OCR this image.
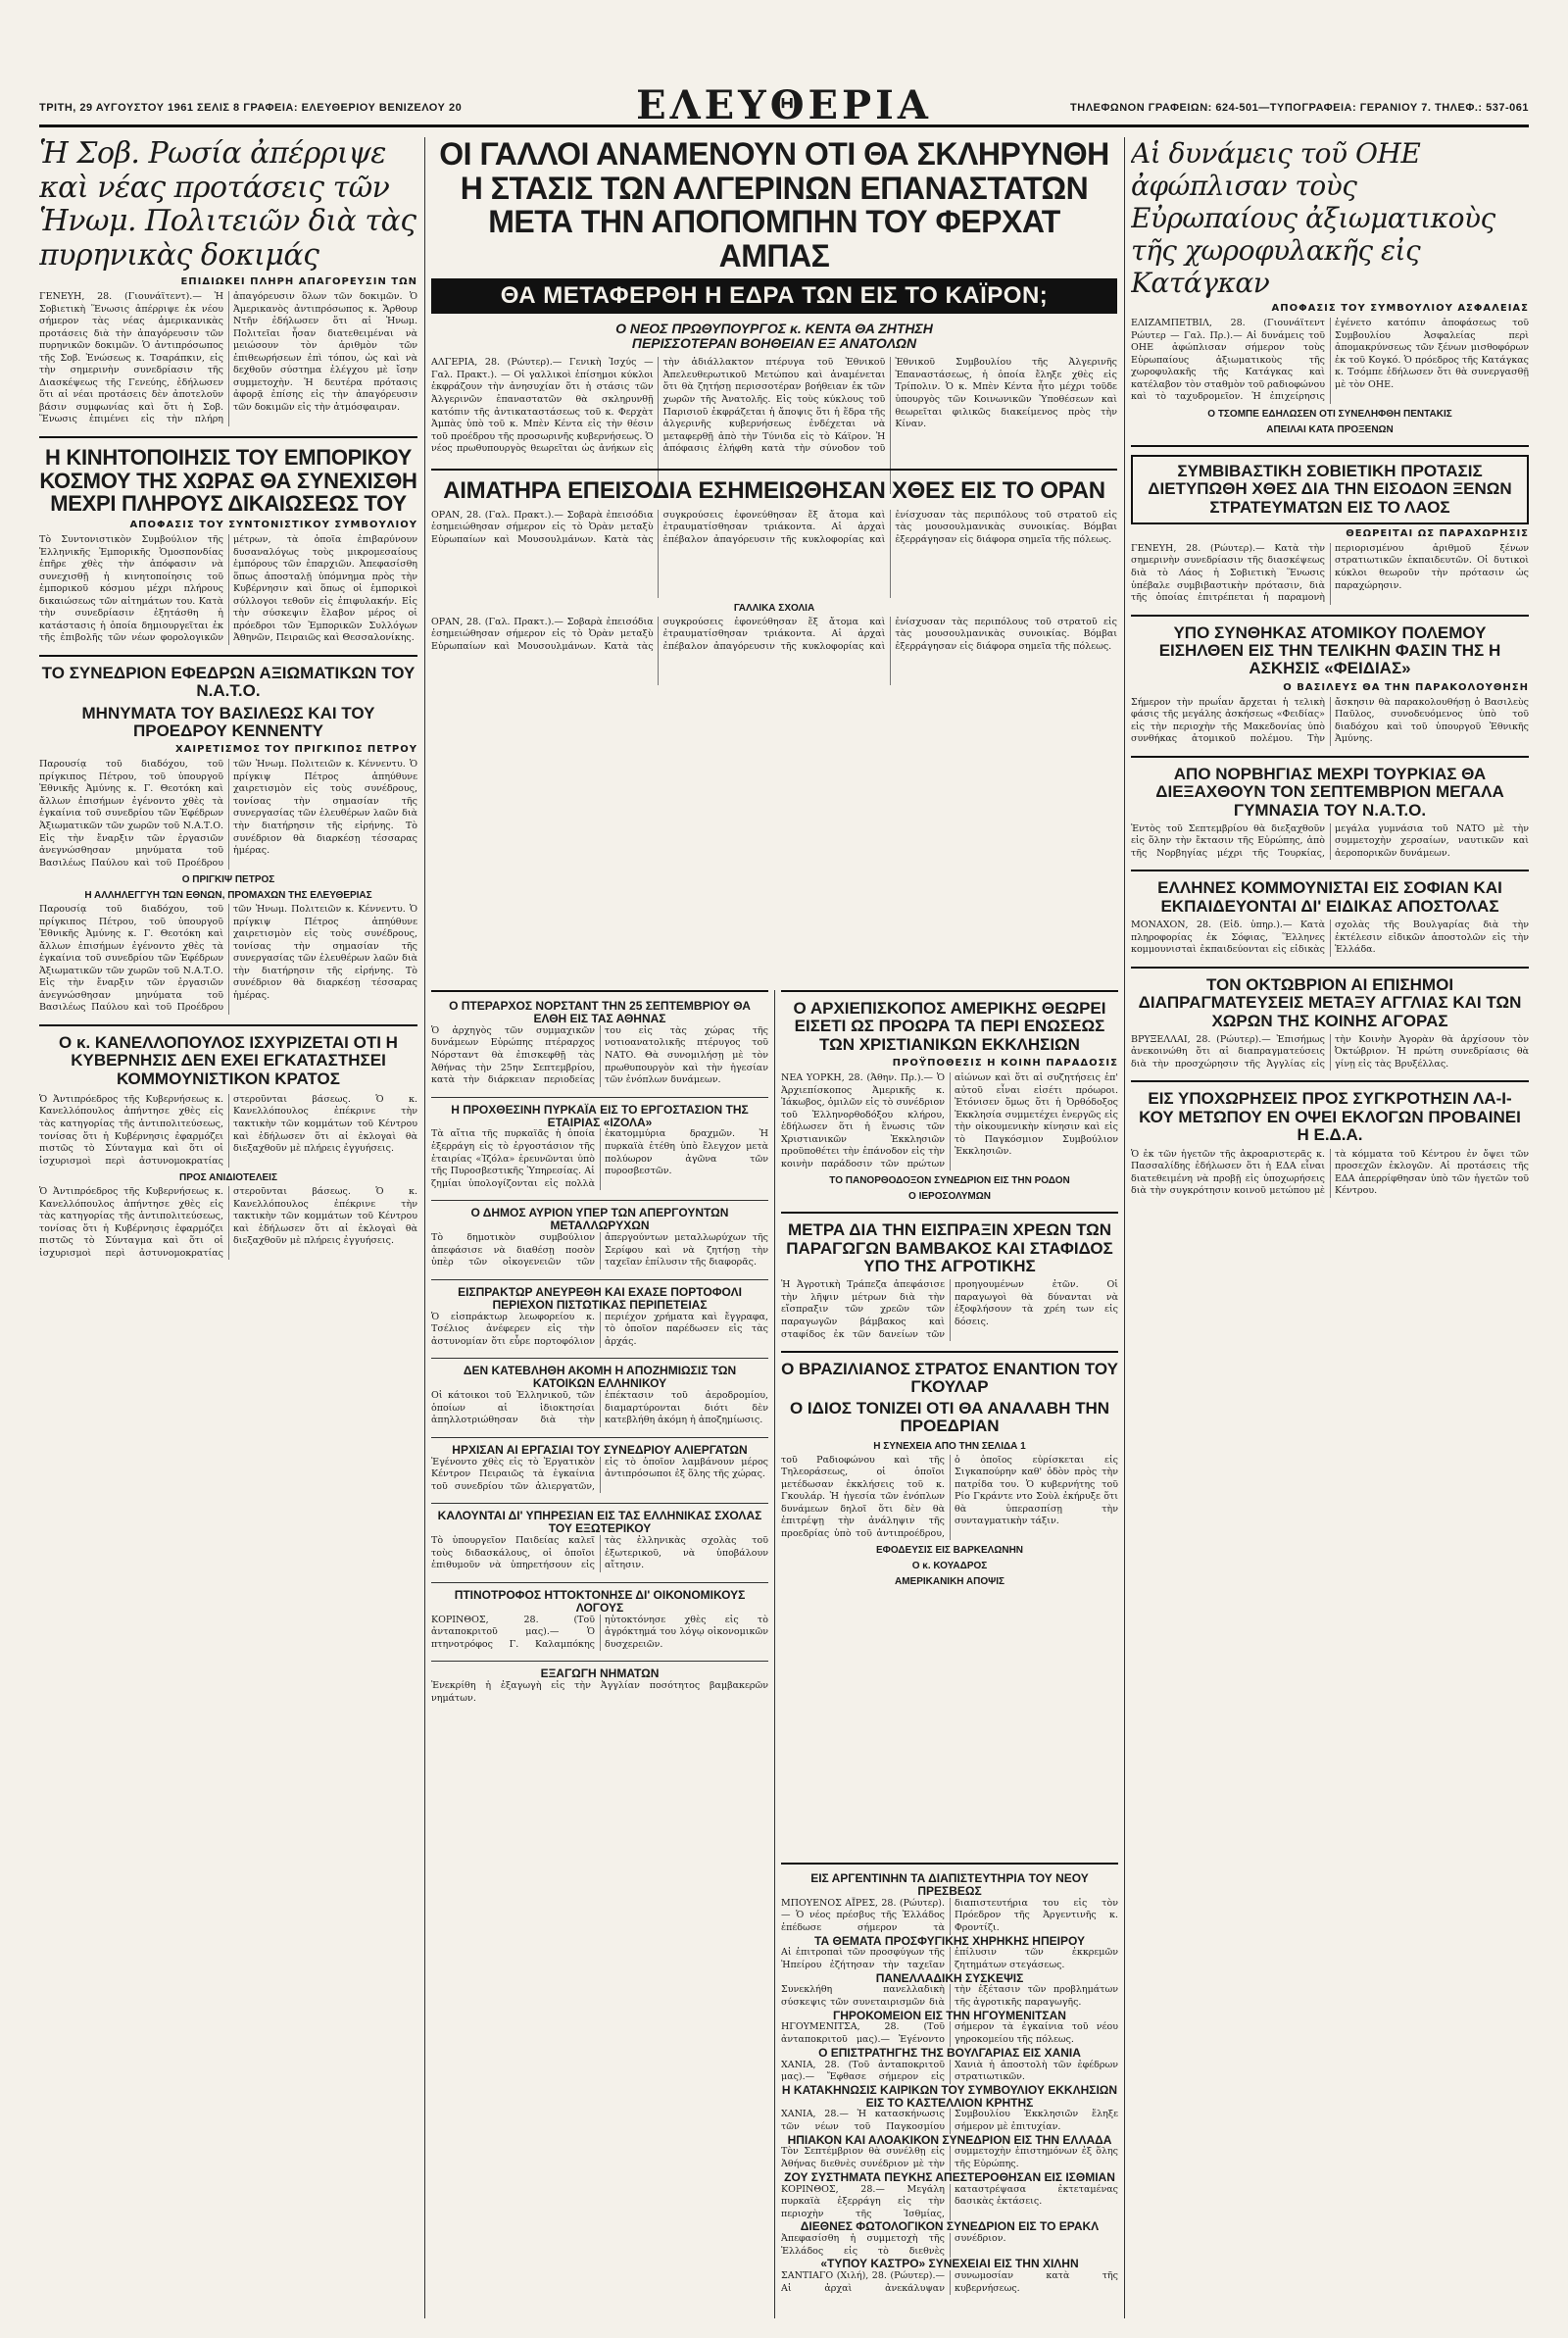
ΤΡΙΤΗ, 29 ΑΥΓΟΥΣΤΟΥ 1961 ΣΕΛΙΣ 8 ΓΡΑΦΕΙΑ: ΕΛΕΥΘΕΡΙΟΥ ΒΕΝΙΖΕΛΟΥ 20	ΕΛΕΥΘΕΡΙΑ	ΤΗΛΕΦΩΝΟΝ ΓΡΑΦΕΙΩΝ: 624-501—ΤΥΠΟΓΡΑΦΕΙΑ: ΓΕΡΑΝΙΟΥ 7. ΤΗΛΕΦ.: 537-061
Ἡ Σοβ. Ρωσία ἀπέρριψε καὶ νέας προτάσεις τῶν Ἡνωμ. Πολιτειῶν διὰ τὰς πυρηνικὰς δοκιμάς
ΕΠΙΔΙΩΚΕΙ ΠΛΗΡΗ ΑΠΑΓΟΡΕΥΣΙΝ ΤΩΝ
ΓΕΝΕΥΗ, 28. (Γιουνάϊτεντ).— Ἡ Σοβιετικὴ Ἕνωσις ἀπέρριψε ἐκ νέου σήμερον τὰς νέας ἀμερικανικὰς προτάσεις διὰ τὴν ἀπαγόρευσιν τῶν πυρηνικῶν δοκιμῶν. Ὁ ἀντιπρόσωπος τῆς Σοβ. Ἑνώσεως κ. Τσαράπκιν, εἰς τὴν σημερινὴν συνεδρίασιν τῆς Διασκέψεως τῆς Γενεύης, ἐδήλωσεν ὅτι αἱ νέαι προτάσεις δὲν ἀποτελοῦν βάσιν συμφωνίας καὶ ὅτι ἡ Σοβ. Ἕνωσις ἐπιμένει εἰς τὴν πλήρη ἀπαγόρευσιν ὅλων τῶν δοκιμῶν. Ὁ Ἀμερικανὸς ἀντιπρόσωπος κ. Ἄρθουρ Ντῆν ἐδήλωσεν ὅτι αἱ Ἡνωμ. Πολιτεῖαι ἦσαν διατεθειμέναι νὰ μειώσουν τὸν ἀριθμὸν τῶν ἐπιθεωρήσεων ἐπὶ τόπου, ὡς καὶ νὰ δεχθοῦν σύστημα ἐλέγχου μὲ ἴσην συμμετοχὴν. Ἡ δευτέρα πρότασις ἀφορᾷ ἐπίσης εἰς τὴν ἀπαγόρευσιν τῶν δοκιμῶν εἰς τὴν ἀτμόσφαιραν.
Η ΚΙΝΗΤΟΠΟΙΗΣΙΣ ΤΟΥ ΕΜΠΟΡΙΚΟΥ ΚΟΣΜΟΥ ΤΗΣ ΧΩΡΑΣ ΘΑ ΣΥΝΕΧΙΣΘΗ ΜΕΧΡΙ ΠΛΗΡΟΥΣ ΔΙΚΑΙΩΣΕΩΣ ΤΟΥ
ΑΠΟΦΑΣΙΣ ΤΟΥ ΣΥΝΤΟΝΙΣΤΙΚΟΥ ΣΥΜΒΟΥΛΙΟΥ
Τὸ Συντονιστικὸν Συμβούλιον τῆς Ἑλληνικῆς Ἐμπορικῆς Ὁμοσπονδίας ἐπῆρε χθὲς τὴν ἀπόφασιν νὰ συνεχισθῇ ἡ κινητοποίησις τοῦ ἐμπορικοῦ κόσμου μέχρι πλήρους δικαιώσεως τῶν αἰτημάτων του. Κατὰ τὴν συνεδρίασιν ἐξητάσθη ἡ κατάστασις ἡ ὁποία δημιουργεῖται ἐκ τῆς ἐπιβολῆς τῶν νέων φορολογικῶν μέτρων, τὰ ὁποῖα ἐπιβαρύνουν δυσαναλόγως τοὺς μικρομεσαίους ἐμπόρους τῶν ἐπαρχιῶν. Ἀπεφασίσθη ὅπως ἀποσταλῇ ὑπόμνημα πρὸς τὴν Κυβέρνησιν καὶ ὅπως οἱ ἐμπορικοὶ σύλλογοι τεθοῦν εἰς ἐπιφυλακήν. Εἰς τὴν σύσκεψιν ἔλαβον μέρος οἱ πρόεδροι τῶν Ἐμπορικῶν Συλλόγων Ἀθηνῶν, Πειραιῶς καὶ Θεσσαλονίκης.
ΤΟ ΣΥΝΕΔΡΙΟΝ ΕΦΕΔΡΩΝ ΑΞΙΩΜΑΤΙΚΩΝ ΤΟΥ Ν.Α.Τ.Ο.
ΜΗΝΥΜΑΤΑ ΤΟΥ ΒΑΣΙΛΕΩΣ ΚΑΙ ΤΟΥ ΠΡΟΕΔΡΟΥ ΚΕΝΝΕΝΤΥ
ΧΑΙΡΕΤΙΣΜΟΣ ΤΟΥ ΠΡΙΓΚΙΠΟΣ ΠΕΤΡΟΥ
Παρουσίᾳ τοῦ διαδόχου, τοῦ πρίγκιπος Πέτρου, τοῦ ὑπουργοῦ Ἐθνικῆς Ἀμύνης κ. Γ. Θεοτόκη καὶ ἄλλων ἐπισήμων ἐγένοντο χθὲς τὰ ἐγκαίνια τοῦ συνεδρίου τῶν Ἐφέδρων Ἀξιωματικῶν τῶν χωρῶν τοῦ Ν.Α.Τ.Ο. Εἰς τὴν ἔναρξιν τῶν ἐργασιῶν ἀνεγνώσθησαν μηνύματα τοῦ Βασιλέως Παύλου καὶ τοῦ Προέδρου τῶν Ἡνωμ. Πολιτειῶν κ. Κέννεντυ. Ὁ πρίγκιψ Πέτρος ἀπηύθυνε χαιρετισμὸν εἰς τοὺς συνέδρους, τονίσας τὴν σημασίαν τῆς συνεργασίας τῶν ἐλευθέρων λαῶν διὰ τὴν διατήρησιν τῆς εἰρήνης. Τὸ συνέδριον θὰ διαρκέσῃ τέσσαρας ἡμέρας.
Ο ΠΡΙΓΚΙΨ ΠΕΤΡΟΣ
Η ΑΛΛΗΛΕΓΓΥΗ ΤΩΝ ΕΘΝΩΝ, ΠΡΟΜΑΧΩΝ ΤΗΣ ΕΛΕΥΘΕΡΙΑΣ
Παρουσίᾳ τοῦ διαδόχου, τοῦ πρίγκιπος Πέτρου, τοῦ ὑπουργοῦ Ἐθνικῆς Ἀμύνης κ. Γ. Θεοτόκη καὶ ἄλλων ἐπισήμων ἐγένοντο χθὲς τὰ ἐγκαίνια τοῦ συνεδρίου τῶν Ἐφέδρων Ἀξιωματικῶν τῶν χωρῶν τοῦ Ν.Α.Τ.Ο. Εἰς τὴν ἔναρξιν τῶν ἐργασιῶν ἀνεγνώσθησαν μηνύματα τοῦ Βασιλέως Παύλου καὶ τοῦ Προέδρου τῶν Ἡνωμ. Πολιτειῶν κ. Κέννεντυ. Ὁ πρίγκιψ Πέτρος ἀπηύθυνε χαιρετισμὸν εἰς τοὺς συνέδρους, τονίσας τὴν σημασίαν τῆς συνεργασίας τῶν ἐλευθέρων λαῶν διὰ τὴν διατήρησιν τῆς εἰρήνης. Τὸ συνέδριον θὰ διαρκέσῃ τέσσαρας ἡμέρας.
Ο κ. ΚΑΝΕΛΛΟΠΟΥΛΟΣ ΙΣΧΥΡΙΖΕΤΑΙ ΟΤΙ Η ΚΥΒΕΡΝΗΣΙΣ ΔΕΝ ΕΧΕΙ ΕΓΚΑΤΑΣΤΗΣΕΙ ΚΟΜΜΟΥΝΙΣΤΙΚΟΝ ΚΡΑΤΟΣ
Ὁ Ἀντιπρόεδρος τῆς Κυβερνήσεως κ. Κανελλόπουλος ἀπήντησε χθὲς εἰς τὰς κατηγορίας τῆς ἀντιπολιτεύσεως, τονίσας ὅτι ἡ Κυβέρνησις ἐφαρμόζει πιστῶς τὸ Σύνταγμα καὶ ὅτι οἱ ἰσχυρισμοὶ περὶ ἀστυνομοκρατίας στεροῦνται βάσεως. Ὁ κ. Κανελλόπουλος ἐπέκρινε τὴν τακτικὴν τῶν κομμάτων τοῦ Κέντρου καὶ ἐδήλωσεν ὅτι αἱ ἐκλογαὶ θὰ διεξαχθοῦν μὲ πλήρεις ἐγγυήσεις.
ΠΡΟΣ ΑΝΙΔΙΟΤΕΛΕΙΣ
Ὁ Ἀντιπρόεδρος τῆς Κυβερνήσεως κ. Κανελλόπουλος ἀπήντησε χθὲς εἰς τὰς κατηγορίας τῆς ἀντιπολιτεύσεως, τονίσας ὅτι ἡ Κυβέρνησις ἐφαρμόζει πιστῶς τὸ Σύνταγμα καὶ ὅτι οἱ ἰσχυρισμοὶ περὶ ἀστυνομοκρατίας στεροῦνται βάσεως. Ὁ κ. Κανελλόπουλος ἐπέκρινε τὴν τακτικὴν τῶν κομμάτων τοῦ Κέντρου καὶ ἐδήλωσεν ὅτι αἱ ἐκλογαὶ θὰ διεξαχθοῦν μὲ πλήρεις ἐγγυήσεις.
ΟΙ ΓΑΛΛΟΙ ΑΝΑΜΕΝΟΥΝ ΟΤΙ ΘΑ ΣΚΛΗΡΥΝΘΗ
Η ΣΤΑΣΙΣ ΤΩΝ ΑΛΓΕΡΙΝΩΝ ΕΠΑΝΑΣΤΑΤΩΝ
ΜΕΤΑ ΤΗΝ ΑΠΟΠΟΜΠΗΝ ΤΟΥ ΦΕΡΧΑΤ ΑΜΠΑΣ
ΘΑ ΜΕΤΑΦΕΡΘΗ Η ΕΔΡΑ ΤΩΝ ΕΙΣ ΤΟ ΚΑΪΡΟΝ;
Ο ΝΕΟΣ ΠΡΩΘΥΠΟΥΡΓΟΣ κ. ΚΕΝΤΑ ΘΑ ΖΗΤΗΣΗ
ΠΕΡΙΣΣΟΤΕΡΑΝ ΒΟΗΘΕΙΑΝ ΕΞ ΑΝΑΤΟΛΩΝ
ΑΛΓΕΡΙΑ, 28. (Ρώυτερ).— Γενικὴ Ἰσχύς — Γαλ. Πρακτ.). — Οἱ γαλλικοὶ ἐπίσημοι κύκλοι ἐκφράζουν τὴν ἀνησυχίαν ὅτι ἡ στάσις τῶν Ἀλγερινῶν ἐπαναστατῶν θὰ σκληρυνθῇ κατόπιν τῆς ἀντικαταστάσεως τοῦ κ. Φερχὰτ Ἀμπὰς ὑπὸ τοῦ κ. Μπὲν Κέντα εἰς τὴν θέσιν τοῦ προέδρου τῆς προσωρινῆς κυβερνήσεως. Ὁ νέος πρωθυπουργὸς θεωρεῖται ὡς ἀνήκων εἰς τὴν ἀδιάλλακτον πτέρυγα τοῦ Ἐθνικοῦ Ἀπελευθερωτικοῦ Μετώπου καὶ ἀναμένεται ὅτι θὰ ζητήσῃ περισσοτέραν βοήθειαν ἐκ τῶν χωρῶν τῆς Ἀνατολῆς. Εἰς τοὺς κύκλους τοῦ Παρισιοῦ ἐκφράζεται ἡ ἄποψις ὅτι ἡ ἕδρα τῆς ἀλγερινῆς κυβερνήσεως ἐνδέχεται νὰ μεταφερθῇ ἀπὸ τὴν Τύνιδα εἰς τὸ Κάϊρον. Ἡ ἀπόφασις ἐλήφθη κατὰ τὴν σύνοδον τοῦ Ἐθνικοῦ Συμβουλίου τῆς Ἀλγερινῆς Ἐπαναστάσεως, ἡ ὁποία ἔληξε χθὲς εἰς Τρίπολιν. Ὁ κ. Μπὲν Κέντα ἦτο μέχρι τοῦδε ὑπουργὸς τῶν Κοινωνικῶν Ὑποθέσεων καὶ θεωρεῖται φιλικῶς διακείμενος πρὸς τὴν Κίναν.
ΑΙΜΑΤΗΡΑ ΕΠΕΙΣΟΔΙΑ ΕΣΗΜΕΙΩΘΗΣΑΝ ΧΘΕΣ ΕΙΣ ΤΟ ΟΡΑΝ
ΟΡΑΝ, 28. (Γαλ. Πρακτ.).— Σοβαρὰ ἐπεισόδια ἐσημειώθησαν σήμερον εἰς τὸ Ὀρὰν μεταξὺ Εὐρωπαίων καὶ Μουσουλμάνων. Κατὰ τὰς συγκρούσεις ἐφονεύθησαν ἕξ ἄτομα καὶ ἐτραυματίσθησαν τριάκοντα. Αἱ ἀρχαὶ ἐπέβαλον ἀπαγόρευσιν τῆς κυκλοφορίας καὶ ἐνίσχυσαν τὰς περιπόλους τοῦ στρατοῦ εἰς τὰς μουσουλμανικὰς συνοικίας. Βόμβαι ἐξερράγησαν εἰς διάφορα σημεῖα τῆς πόλεως.
ΓΑΛΛΙΚΑ ΣΧΟΛΙΑ
ΟΡΑΝ, 28. (Γαλ. Πρακτ.).— Σοβαρὰ ἐπεισόδια ἐσημειώθησαν σήμερον εἰς τὸ Ὀρὰν μεταξὺ Εὐρωπαίων καὶ Μουσουλμάνων. Κατὰ τὰς συγκρούσεις ἐφονεύθησαν ἕξ ἄτομα καὶ ἐτραυματίσθησαν τριάκοντα. Αἱ ἀρχαὶ ἐπέβαλον ἀπαγόρευσιν τῆς κυκλοφορίας καὶ ἐνίσχυσαν τὰς περιπόλους τοῦ στρατοῦ εἰς τὰς μουσουλμανικὰς συνοικίας. Βόμβαι ἐξερράγησαν εἰς διάφορα σημεῖα τῆς πόλεως.
Ο ΠΤΕΡΑΡΧΟΣ ΝΟΡΣΤΑΝΤ ΤΗΝ 25 ΣΕΠΤΕΜΒΡΙΟΥ ΘΑ ΕΛΘΗ ΕΙΣ ΤΑΣ ΑΘΗΝΑΣ
Ὁ ἀρχηγὸς τῶν συμμαχικῶν δυνάμεων Εὐρώπης πτέραρχος Νόρσταντ θὰ ἐπισκεφθῇ τὰς Ἀθήνας τὴν 25ην Σεπτεμβρίου, κατὰ τὴν διάρκειαν περιοδείας του εἰς τὰς χώρας τῆς νοτιοανατολικῆς πτέρυγος τοῦ ΝΑΤΟ. Θὰ συνομιλήσῃ μὲ τὸν πρωθυπουργὸν καὶ τὴν ἡγεσίαν τῶν ἐνόπλων δυνάμεων.
Η ΠΡΟΧΘΕΣΙΝΗ ΠΥΡΚΑΪΑ ΕΙΣ ΤΟ ΕΡΓΟΣΤΑΣΙΟΝ ΤΗΣ ΕΤΑΙΡΙΑΣ «ΙΖΟΛΑ»
Τὰ αἴτια τῆς πυρκαϊᾶς ἡ ὁποία ἐξερράγη εἰς τὸ ἐργοστάσιον τῆς ἑταιρίας «Ἰζόλα» ἐρευνῶνται ὑπὸ τῆς Πυροσβεστικῆς Ὑπηρεσίας. Αἱ ζημίαι ὑπολογίζονται εἰς πολλὰ ἑκατομμύρια δραχμῶν. Ἡ πυρκαϊὰ ἐτέθη ὑπὸ ἔλεγχον μετὰ πολύωρον ἀγῶνα τῶν πυροσβεστῶν.
Ο ΔΗΜΟΣ ΑΥΡΙΟΝ ΥΠΕΡ ΤΩΝ ΑΠΕΡΓΟΥΝΤΩΝ ΜΕΤΑΛΛΩΡΥΧΩΝ
Τὸ δημοτικὸν συμβούλιον ἀπεφάσισε νὰ διαθέσῃ ποσὸν ὑπὲρ τῶν οἰκογενειῶν τῶν ἀπεργούντων μεταλλωρύχων τῆς Σερίφου καὶ νὰ ζητήσῃ τὴν ταχεῖαν ἐπίλυσιν τῆς διαφορᾶς.
ΕΙΣΠΡΑΚΤΩΡ ΑΝΕΥΡΕΘΗ ΚΑΙ ΕΧΑΣΕ ΠΟΡΤΟΦΟΛΙ ΠΕΡΙΕΧΟΝ ΠΙΣΤΩΤΙΚΑΣ ΠΕΡΙΠΕΤΕΙΑΣ
Ὁ εἰσπράκτωρ λεωφορείου κ. Τσέλιος ἀνέφερεν εἰς τὴν ἀστυνομίαν ὅτι εὗρε πορτοφόλιον περιέχον χρήματα καὶ ἔγγραφα, τὸ ὁποῖον παρέδωσεν εἰς τὰς ἀρχάς.
ΔΕΝ ΚΑΤΕΒΛΗΘΗ ΑΚΟΜΗ Η ΑΠΟΖΗΜΙΩΣΙΣ ΤΩΝ ΚΑΤΟΙΚΩΝ ΕΛΛΗΝΙΚΟΥ
Οἱ κάτοικοι τοῦ Ἑλληνικοῦ, τῶν ὁποίων αἱ ἰδιοκτησίαι ἀπηλλοτριώθησαν διὰ τὴν ἐπέκτασιν τοῦ ἀεροδρομίου, διαμαρτύρονται διότι δὲν κατεβλήθη ἀκόμη ἡ ἀποζημίωσις.
ΗΡΧΙΣΑΝ ΑΙ ΕΡΓΑΣΙΑΙ ΤΟΥ ΣΥΝΕΔΡΙΟΥ ΑΛΙΕΡΓΑΤΩΝ
Ἐγένοντο χθὲς εἰς τὸ Ἐργατικὸν Κέντρον Πειραιῶς τὰ ἐγκαίνια τοῦ συνεδρίου τῶν ἁλιεργατῶν, εἰς τὸ ὁποῖον λαμβάνουν μέρος ἀντιπρόσωποι ἐξ ὅλης τῆς χώρας.
ΚΑΛΟΥΝΤΑΙ ΔΙ' ΥΠΗΡΕΣΙΑΝ ΕΙΣ ΤΑΣ ΕΛΛΗΝΙΚΑΣ ΣΧΟΛΑΣ ΤΟΥ ΕΞΩΤΕΡΙΚΟΥ
Τὸ ὑπουργεῖον Παιδείας καλεῖ τοὺς διδασκάλους, οἱ ὁποῖοι ἐπιθυμοῦν νὰ ὑπηρετήσουν εἰς τὰς ἑλληνικὰς σχολὰς τοῦ ἐξωτερικοῦ, νὰ ὑποβάλουν αἴτησιν.
ΠΤΙΝΟΤΡΟΦΟΣ ΗΤΤΟΚΤΟΝΗΣΕ ΔΙ' ΟΙΚΟΝΟΜΙΚΟΥΣ ΛΟΓΟΥΣ
ΚΟΡΙΝΘΟΣ, 28. (Τοῦ ἀνταποκριτοῦ μας).— Ὁ πτηνοτρόφος Γ. Καλαμπόκης ηὐτοκτόνησε χθὲς εἰς τὸ ἀγρόκτημά του λόγῳ οἰκονομικῶν δυσχερειῶν.
ΕΞΑΓΩΓΗ ΝΗΜΑΤΩΝ
Ἐνεκρίθη ἡ ἐξαγωγὴ εἰς τὴν Ἀγγλίαν ποσότητος βαμβακερῶν νημάτων.
Ο ΑΡΧΙΕΠΙΣΚΟΠΟΣ ΑΜΕΡΙΚΗΣ ΘΕΩΡΕΙ ΕΙΣΕΤΙ ΩΣ ΠΡΟΩΡΑ ΤΑ ΠΕΡΙ ΕΝΩΣΕΩΣ ΤΩΝ ΧΡΙΣΤΙΑΝΙΚΩΝ ΕΚΚΛΗΣΙΩΝ
ΠΡΟΫΠΟΘΕΣΙΣ Η ΚΟΙΝΗ ΠΑΡΑΔΟΣΙΣ
ΝΕΑ ΥΟΡΚΗ, 28. (Ἀθην. Πρ.).— Ὁ Ἀρχιεπίσκοπος Ἀμερικῆς κ. Ἰάκωβος, ὁμιλῶν εἰς τὸ συνέδριον τοῦ Ἑλληνορθοδόξου κλήρου, ἐδήλωσεν ὅτι ἡ ἕνωσις τῶν Χριστιανικῶν Ἐκκλησιῶν προϋποθέτει τὴν ἐπάνοδον εἰς τὴν κοινὴν παράδοσιν τῶν πρώτων αἰώνων καὶ ὅτι αἱ συζητήσεις ἐπ' αὐτοῦ εἶναι εἰσέτι πρόωροι. Ἐτόνισεν ὅμως ὅτι ἡ Ὀρθόδοξος Ἐκκλησία συμμετέχει ἐνεργῶς εἰς τὴν οἰκουμενικὴν κίνησιν καὶ εἰς τὸ Παγκόσμιον Συμβούλιον Ἐκκλησιῶν.
ΤΟ ΠΑΝΟΡΘΟΔΟΞΟΝ ΣΥΝΕΔΡΙΟΝ ΕΙΣ ΤΗΝ ΡΟΔΟΝ
Ο ΙΕΡΟΣΟΛΥΜΩΝ
ΜΕΤΡΑ ΔΙΑ ΤΗΝ ΕΙΣΠΡΑΞΙΝ ΧΡΕΩΝ ΤΩΝ ΠΑΡΑΓΩΓΩΝ ΒΑΜΒΑΚΟΣ ΚΑΙ ΣΤΑΦΙΔΟΣ ΥΠΟ ΤΗΣ ΑΓΡΟΤΙΚΗΣ
Ἡ Ἀγροτικὴ Τράπεζα ἀπεφάσισε τὴν λῆψιν μέτρων διὰ τὴν εἴσπραξιν τῶν χρεῶν τῶν παραγωγῶν βάμβακος καὶ σταφίδος ἐκ τῶν δανείων τῶν προηγουμένων ἐτῶν. Οἱ παραγωγοὶ θὰ δύνανται νὰ ἐξοφλήσουν τὰ χρέη των εἰς δόσεις.
Ο ΒΡΑΖΙΛΙΑΝΟΣ ΣΤΡΑΤΟΣ ΕΝΑΝΤΙΟΝ ΤΟΥ ΓΚΟΥΛΑΡ
Ο ΙΔΙΟΣ ΤΟΝΙΖΕΙ ΟΤΙ ΘΑ ΑΝΑΛΑΒΗ ΤΗΝ ΠΡΟΕΔΡΙΑΝ
Η ΣΥΝΕΧΕΙΑ ΑΠΟ ΤΗΝ ΣΕΛΙΔΑ 1
τοῦ Ραδιοφώνου καὶ τῆς Τηλεοράσεως, οἱ ὁποῖοι μετέδωσαν ἐκκλήσεις τοῦ κ. Γκουλάρ. Ἡ ἡγεσία τῶν ἐνόπλων δυνάμεων δηλοῖ ὅτι δὲν θὰ ἐπιτρέψῃ τὴν ἀνάληψιν τῆς προεδρίας ὑπὸ τοῦ ἀντιπροέδρου, ὁ ὁποῖος εὑρίσκεται εἰς Σιγκαπούρην καθ' ὁδὸν πρὸς τὴν πατρίδα του. Ὁ κυβερνήτης τοῦ Ρίο Γκράντε ντο Σοὺλ ἐκήρυξε ὅτι θὰ ὑπερασπίσῃ τὴν συνταγματικὴν τάξιν.
ΕΦΟΔΕΥΣΙΣ ΕΙΣ ΒΑΡΚΕΛΩΝΗΝ
Ο κ. ΚΟΥΑΔΡΟΣ
ΑΜΕΡΙΚΑΝΙΚΗ ΑΠΟΨΙΣ
Αἱ δυνάμεις τοῦ ΟΗΕ ἀφώπλισαν τοὺς Εὐρωπαίους ἀξιωματικοὺς τῆς χωροφυλακῆς εἰς Κατάγκαν
ΑΠΟΦΑΣΙΣ ΤΟΥ ΣΥΜΒΟΥΛΙΟΥ ΑΣΦΑΛΕΙΑΣ
ΕΛΙΖΑΜΠΕΤΒΙΛ, 28. (Γιουνάϊτεντ Ρώυτερ — Γαλ. Πρ.).— Αἱ δυνάμεις τοῦ ΟΗΕ ἀφώπλισαν σήμερον τοὺς Εὐρωπαίους ἀξιωματικοὺς τῆς χωροφυλακῆς τῆς Κατάγκας καὶ κατέλαβον τὸν σταθμὸν τοῦ ραδιοφώνου καὶ τὸ ταχυδρομεῖον. Ἡ ἐπιχείρησις ἐγένετο κατόπιν ἀποφάσεως τοῦ Συμβουλίου Ἀσφαλείας περὶ ἀπομακρύνσεως τῶν ξένων μισθοφόρων ἐκ τοῦ Κογκό. Ὁ πρόεδρος τῆς Κατάγκας κ. Τσόμπε ἐδήλωσεν ὅτι θὰ συνεργασθῇ μὲ τὸν ΟΗΕ.
Ο ΤΣΟΜΠΕ ΕΔΗΛΩΣΕΝ ΟΤΙ ΣΥΝΕΛΗΦΘΗ ΠΕΝΤΑΚΙΣ
ΑΠΕΙΛΑΙ ΚΑΤΑ ΠΡΟΞΕΝΩΝ
ΣΥΜΒΙΒΑΣΤΙΚΗ ΣΟΒΙΕΤΙΚΗ ΠΡΟΤΑΣΙΣ ΔΙΕΤΥΠΩΘΗ ΧΘΕΣ ΔΙΑ ΤΗΝ ΕΙΣΟΔΟΝ ΞΕΝΩΝ ΣΤΡΑΤΕΥΜΑΤΩΝ ΕΙΣ ΤΟ ΛΑΟΣ
ΘΕΩΡΕΙΤΑΙ ΩΣ ΠΑΡΑΧΩΡΗΣΙΣ
ΓΕΝΕΥΗ, 28. (Ρώυτερ).— Κατὰ τὴν σημερινὴν συνεδρίασιν τῆς διασκέψεως διὰ τὸ Λάος ἡ Σοβιετικὴ Ἕνωσις ὑπέβαλε συμβιβαστικὴν πρότασιν, διὰ τῆς ὁποίας ἐπιτρέπεται ἡ παραμονὴ περιορισμένου ἀριθμοῦ ξένων στρατιωτικῶν ἐκπαιδευτῶν. Οἱ δυτικοὶ κύκλοι θεωροῦν τὴν πρότασιν ὡς παραχώρησιν.
ΥΠΟ ΣΥΝΘΗΚΑΣ ΑΤΟΜΙΚΟΥ ΠΟΛΕΜΟΥ ΕΙΣΗΛΘΕΝ ΕΙΣ ΤΗΝ ΤΕΛΙΚΗΝ ΦΑΣΙΝ ΤΗΣ Η ΑΣΚΗΣΙΣ «ΦΕΙΔΙΑΣ»
Ο ΒΑΣΙΛΕΥΣ ΘΑ ΤΗΝ ΠΑΡΑΚΟΛΟΥΘΗΣΗ
Σήμερον τὴν πρωΐαν ἄρχεται ἡ τελικὴ φάσις τῆς μεγάλης ἀσκήσεως «Φειδίας» εἰς τὴν περιοχὴν τῆς Μακεδονίας ὑπὸ συνθήκας ἀτομικοῦ πολέμου. Τὴν ἄσκησιν θὰ παρακολουθήσῃ ὁ Βασιλεὺς Παῦλος, συνοδευόμενος ὑπὸ τοῦ διαδόχου καὶ τοῦ ὑπουργοῦ Ἐθνικῆς Ἀμύνης.
ΑΠΟ ΝΟΡΒΗΓΙΑΣ ΜΕΧΡΙ ΤΟΥΡΚΙΑΣ ΘΑ ΔΙΕΞΑΧΘΟΥΝ ΤΟΝ ΣΕΠΤΕΜΒΡΙΟΝ ΜΕΓΑΛΑ ΓΥΜΝΑΣΙΑ ΤΟΥ Ν.Α.Τ.Ο.
Ἐντὸς τοῦ Σεπτεμβρίου θὰ διεξαχθοῦν εἰς ὅλην τὴν ἔκτασιν τῆς Εὐρώπης, ἀπὸ τῆς Νορβηγίας μέχρι τῆς Τουρκίας, μεγάλα γυμνάσια τοῦ ΝΑΤΟ μὲ τὴν συμμετοχὴν χερσαίων, ναυτικῶν καὶ ἀεροπορικῶν δυνάμεων.
ΕΛΛΗΝΕΣ ΚΟΜΜΟΥΝΙΣΤΑΙ ΕΙΣ ΣΟΦΙΑΝ ΚΑΙ ΕΚΠΑΙΔΕΥΟΝΤΑΙ ΔΙ' ΕΙΔΙΚΑΣ ΑΠΟΣΤΟΛΑΣ
ΜΟΝΑΧΟΝ, 28. (Εἰδ. ὑπηρ.).— Κατὰ πληροφορίας ἐκ Σόφιας, Ἕλληνες κομμουνισταὶ ἐκπαιδεύονται εἰς εἰδικὰς σχολὰς τῆς Βουλγαρίας διὰ τὴν ἐκτέλεσιν εἰδικῶν ἀποστολῶν εἰς τὴν Ἑλλάδα.
ΤΟΝ ΟΚΤΩΒΡΙΟΝ ΑΙ ΕΠΙΣΗΜΟΙ ΔΙΑΠΡΑΓΜΑΤΕΥΣΕΙΣ ΜΕΤΑΞΥ ΑΓΓΛΙΑΣ ΚΑΙ ΤΩΝ ΧΩΡΩΝ ΤΗΣ ΚΟΙΝΗΣ ΑΓΟΡΑΣ
ΒΡΥΞΕΛΛΑΙ, 28. (Ρώυτερ).— Ἐπισήμως ἀνεκοινώθη ὅτι αἱ διαπραγματεύσεις διὰ τὴν προσχώρησιν τῆς Ἀγγλίας εἰς τὴν Κοινὴν Ἀγορὰν θὰ ἀρχίσουν τὸν Ὀκτώβριον. Ἡ πρώτη συνεδρίασις θὰ γίνῃ εἰς τὰς Βρυξέλλας.
ΕΙΣ ΥΠΟΧΩΡΗΣΕΙΣ ΠΡΟΣ ΣΥΓΚΡΟΤΗΣΙΝ ΛΑ-Ι-ΚΟΥ ΜΕΤΩΠΟΥ ΕΝ ΟΨΕΙ ΕΚΛΟΓΩΝ ΠΡΟΒΑΙΝΕΙ Η Ε.Δ.Α.
Ὁ ἐκ τῶν ἡγετῶν τῆς ἀκροαριστερᾶς κ. Πασσαλίδης ἐδήλωσεν ὅτι ἡ ΕΔΑ εἶναι διατεθειμένη νὰ προβῇ εἰς ὑποχωρήσεις διὰ τὴν συγκρότησιν κοινοῦ μετώπου μὲ τὰ κόμματα τοῦ Κέντρου ἐν ὄψει τῶν προσεχῶν ἐκλογῶν. Αἱ προτάσεις τῆς ΕΔΑ ἀπερρίφθησαν ὑπὸ τῶν ἡγετῶν τοῦ Κέντρου.
ΕΙΣ ΑΡΓΕΝΤΙΝΗΝ ΤΑ ΔΙΑΠΙΣΤΕΥΤΗΡΙΑ ΤΟΥ ΝΕΟΥ ΠΡΕΣΒΕΩΣ
ΜΠΟΥΕΝΟΣ ΑΪΡΕΣ, 28. (Ρώυτερ).— Ὁ νέος πρέσβυς τῆς Ἑλλάδος ἐπέδωσε σήμερον τὰ διαπιστευτήρια του εἰς τὸν Πρόεδρον τῆς Ἀργεντινῆς κ. Φροντίζι.
ΤΑ ΘΕΜΑΤΑ ΠΡΟΣΦΥΓΙΚΗΣ ΧΗΡΗΚΗΣ ΗΠΕΙΡΟΥ
Αἱ ἐπιτροπαὶ τῶν προσφύγων τῆς Ἠπείρου ἐζήτησαν τὴν ταχεῖαν ἐπίλυσιν τῶν ἐκκρεμῶν ζητημάτων στεγάσεως.
ΠΑΝΕΛΛΑΔΙΚΗ ΣΥΣΚΕΨΙΣ
Συνεκλήθη πανελλαδικὴ σύσκεψις τῶν συνεταιρισμῶν διὰ τὴν ἐξέτασιν τῶν προβλημάτων τῆς ἀγροτικῆς παραγωγῆς.
ΓΗΡΟΚΟΜΕΙΟΝ ΕΙΣ ΤΗΝ ΗΓΟΥΜΕΝΙΤΣΑΝ
ΗΓΟΥΜΕΝΙΤΣΑ, 28. (Τοῦ ἀνταποκριτοῦ μας).— Ἐγένοντο σήμερον τὰ ἐγκαίνια τοῦ νέου γηροκομείου τῆς πόλεως.
Ο ΕΠΙΣΤΡΑΤΗΓΗΣ ΤΗΣ ΒΟΥΛΓΑΡΙΑΣ ΕΙΣ ΧΑΝΙΑ
ΧΑΝΙΑ, 28. (Τοῦ ἀνταποκριτοῦ μας).— Ἔφθασε σήμερον εἰς Χανιὰ ἡ ἀποστολὴ τῶν ἐφέδρων στρατιωτικῶν.
Η ΚΑΤΑΚΗΝΩΣΙΣ ΚΑΙΡΙΚΩΝ ΤΟΥ ΣΥΜΒΟΥΛΙΟΥ ΕΚΚΛΗΣΙΩΝ ΕΙΣ ΤΟ ΚΑΣΤΕΛΛΙΟΝ ΚΡΗΤΗΣ
ΧΑΝΙΑ, 28.— Ἡ κατασκήνωσις τῶν νέων τοῦ Παγκοσμίου Συμβουλίου Ἐκκλησιῶν ἔληξε σήμερον μὲ ἐπιτυχίαν.
ΗΠΙΑΚΟΝ ΚΑΙ ΑΛΟΑΚΙΚΟΝ ΣΥΝΕΔΡΙΟΝ ΕΙΣ ΤΗΝ ΕΛΛΑΔΑ
Τὸν Σεπτέμβριον θὰ συνέλθῃ εἰς Ἀθήνας διεθνὲς συνέδριον μὲ τὴν συμμετοχὴν ἐπιστημόνων ἐξ ὅλης τῆς Εὐρώπης.
ΖΟΥ ΣΥΣΤΗΜΑΤΑ ΠΕΥΚΗΣ ΑΠΕΣΤΕΡΟΘΗΣΑΝ ΕΙΣ ΙΣΘΜΙΑΝ
ΚΟΡΙΝΘΟΣ, 28.— Μεγάλη πυρκαϊὰ ἐξερράγη εἰς τὴν περιοχὴν τῆς Ἰσθμίας, καταστρέψασα ἐκτεταμένας δασικὰς ἐκτάσεις.
ΔΙΕΘΝΕΣ ΦΩΤΟΛΟΓΙΚΟΝ ΣΥΝΕΔΡΙΟΝ ΕΙΣ ΤΟ ΕΡΑΚΛ
Ἀπεφασίσθη ἡ συμμετοχὴ τῆς Ἑλλάδος εἰς τὸ διεθνὲς συνέδριον.
«ΤΥΠΟΥ ΚΑΣΤΡΟ» ΣΥΝΕΧΕΙΑΙ ΕΙΣ ΤΗΝ ΧΙΛΗΝ
ΣΑΝΤΙΑΓΟ (Χιλή), 28. (Ρώυτερ).— Αἱ ἀρχαὶ ἀνεκάλυψαν συνωμοσίαν κατὰ τῆς κυβερνήσεως.
